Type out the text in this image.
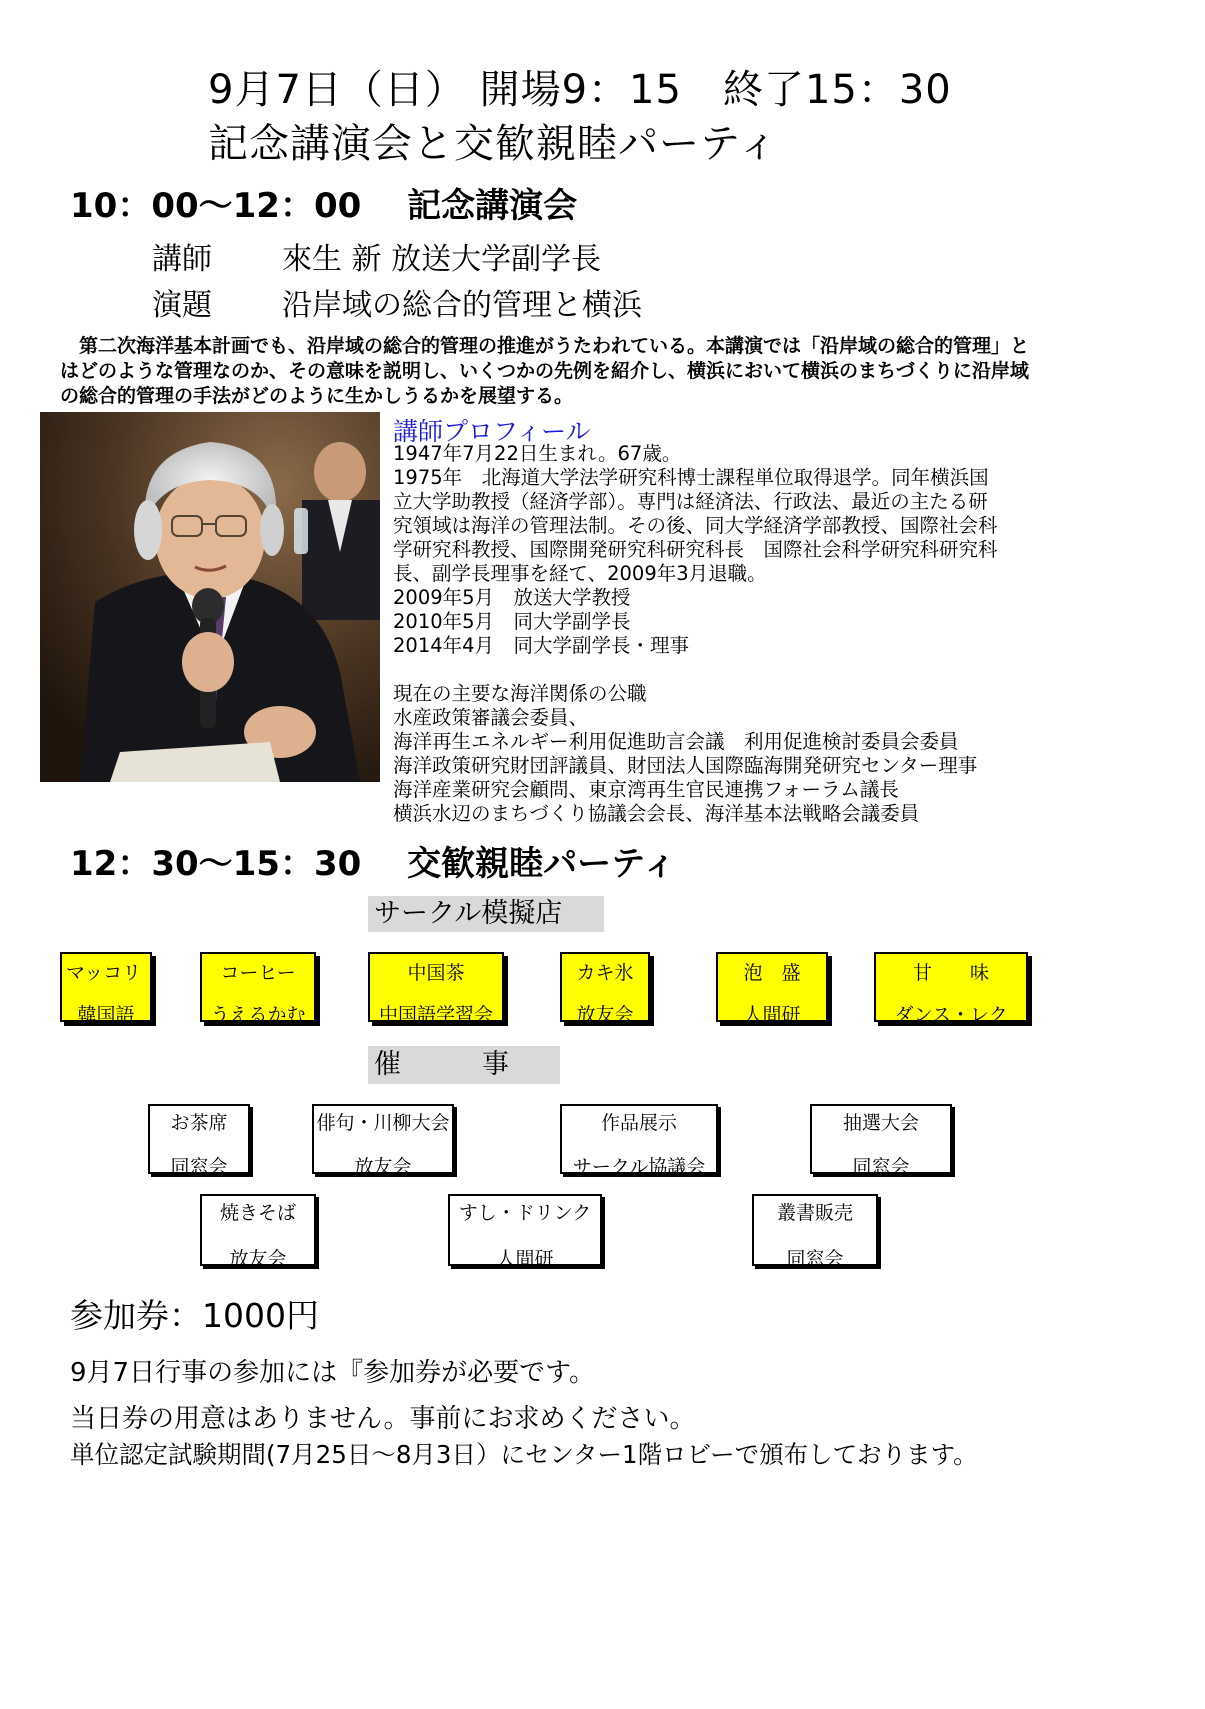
9月7日（日） 開場9：15　終了15：30
記念講演会と交歓親睦パーティ
10：00〜12：00　 記念講演会
講師 來生 新 放送大学副学長
演題 沿岸域の総合的管理と横浜
　第二次海洋基本計画でも、沿岸域の総合的管理の推進がうたわれている。本講演では「沿岸域の総合的管理」とはどのような管理なのか、その意味を説明し、いくつかの先例を紹介し、横浜において横浜のまちづくりに沿岸域の総合的管理の手法がどのように生かしうるかを展望する。
講師プロフィール
1947年7月22日生まれ。67歳。
1975年　北海道大学法学研究科博士課程単位取得退学。同年横浜国
立大学助教授（経済学部）。専門は経済法、行政法、最近の主たる研
究領域は海洋の管理法制。その後、同大学経済学部教授、国際社会科
学研究科教授、国際開発研究科研究科長　国際社会科学研究科研究科
長、副学長理事を経て、2009年3月退職。
2009年5月　放送大学教授
2010年5月　同大学副学長
2014年4月　同大学副学長・理事
現在の主要な海洋関係の公職
水産政策審議会委員、
海洋再生エネルギー利用促進助言会議　利用促進検討委員会委員
海洋政策研究財団評議員、財団法人国際臨海開発研究センター理事
海洋産業研究会顧問、東京湾再生官民連携フォーラム議長
横浜水辺のまちづくり協議会会長、海洋基本法戦略会議委員
12：30〜15：30　 交歓親睦パーティ
サークル模擬店
マッコリ
韓国語
コーヒー
うえるかむ
中国茶
中国語学習会
カキ氷
放友会
泡　盛
人間研
甘　　味
ダンス・レク
催　　　事
お茶席
同窓会
俳句・川柳大会
放友会
作品展示
サークル協議会
抽選大会
同窓会
焼きそば
放友会
すし・ドリンク
人間研
叢書販売
同窓会
参加券：1000円
9月7日行事の参加には『参加券が必要です。
当日券の用意はありません。事前にお求めください。
単位認定試験期間(7月25日〜8月3日）にセンター1階ロビーで頒布しております。
